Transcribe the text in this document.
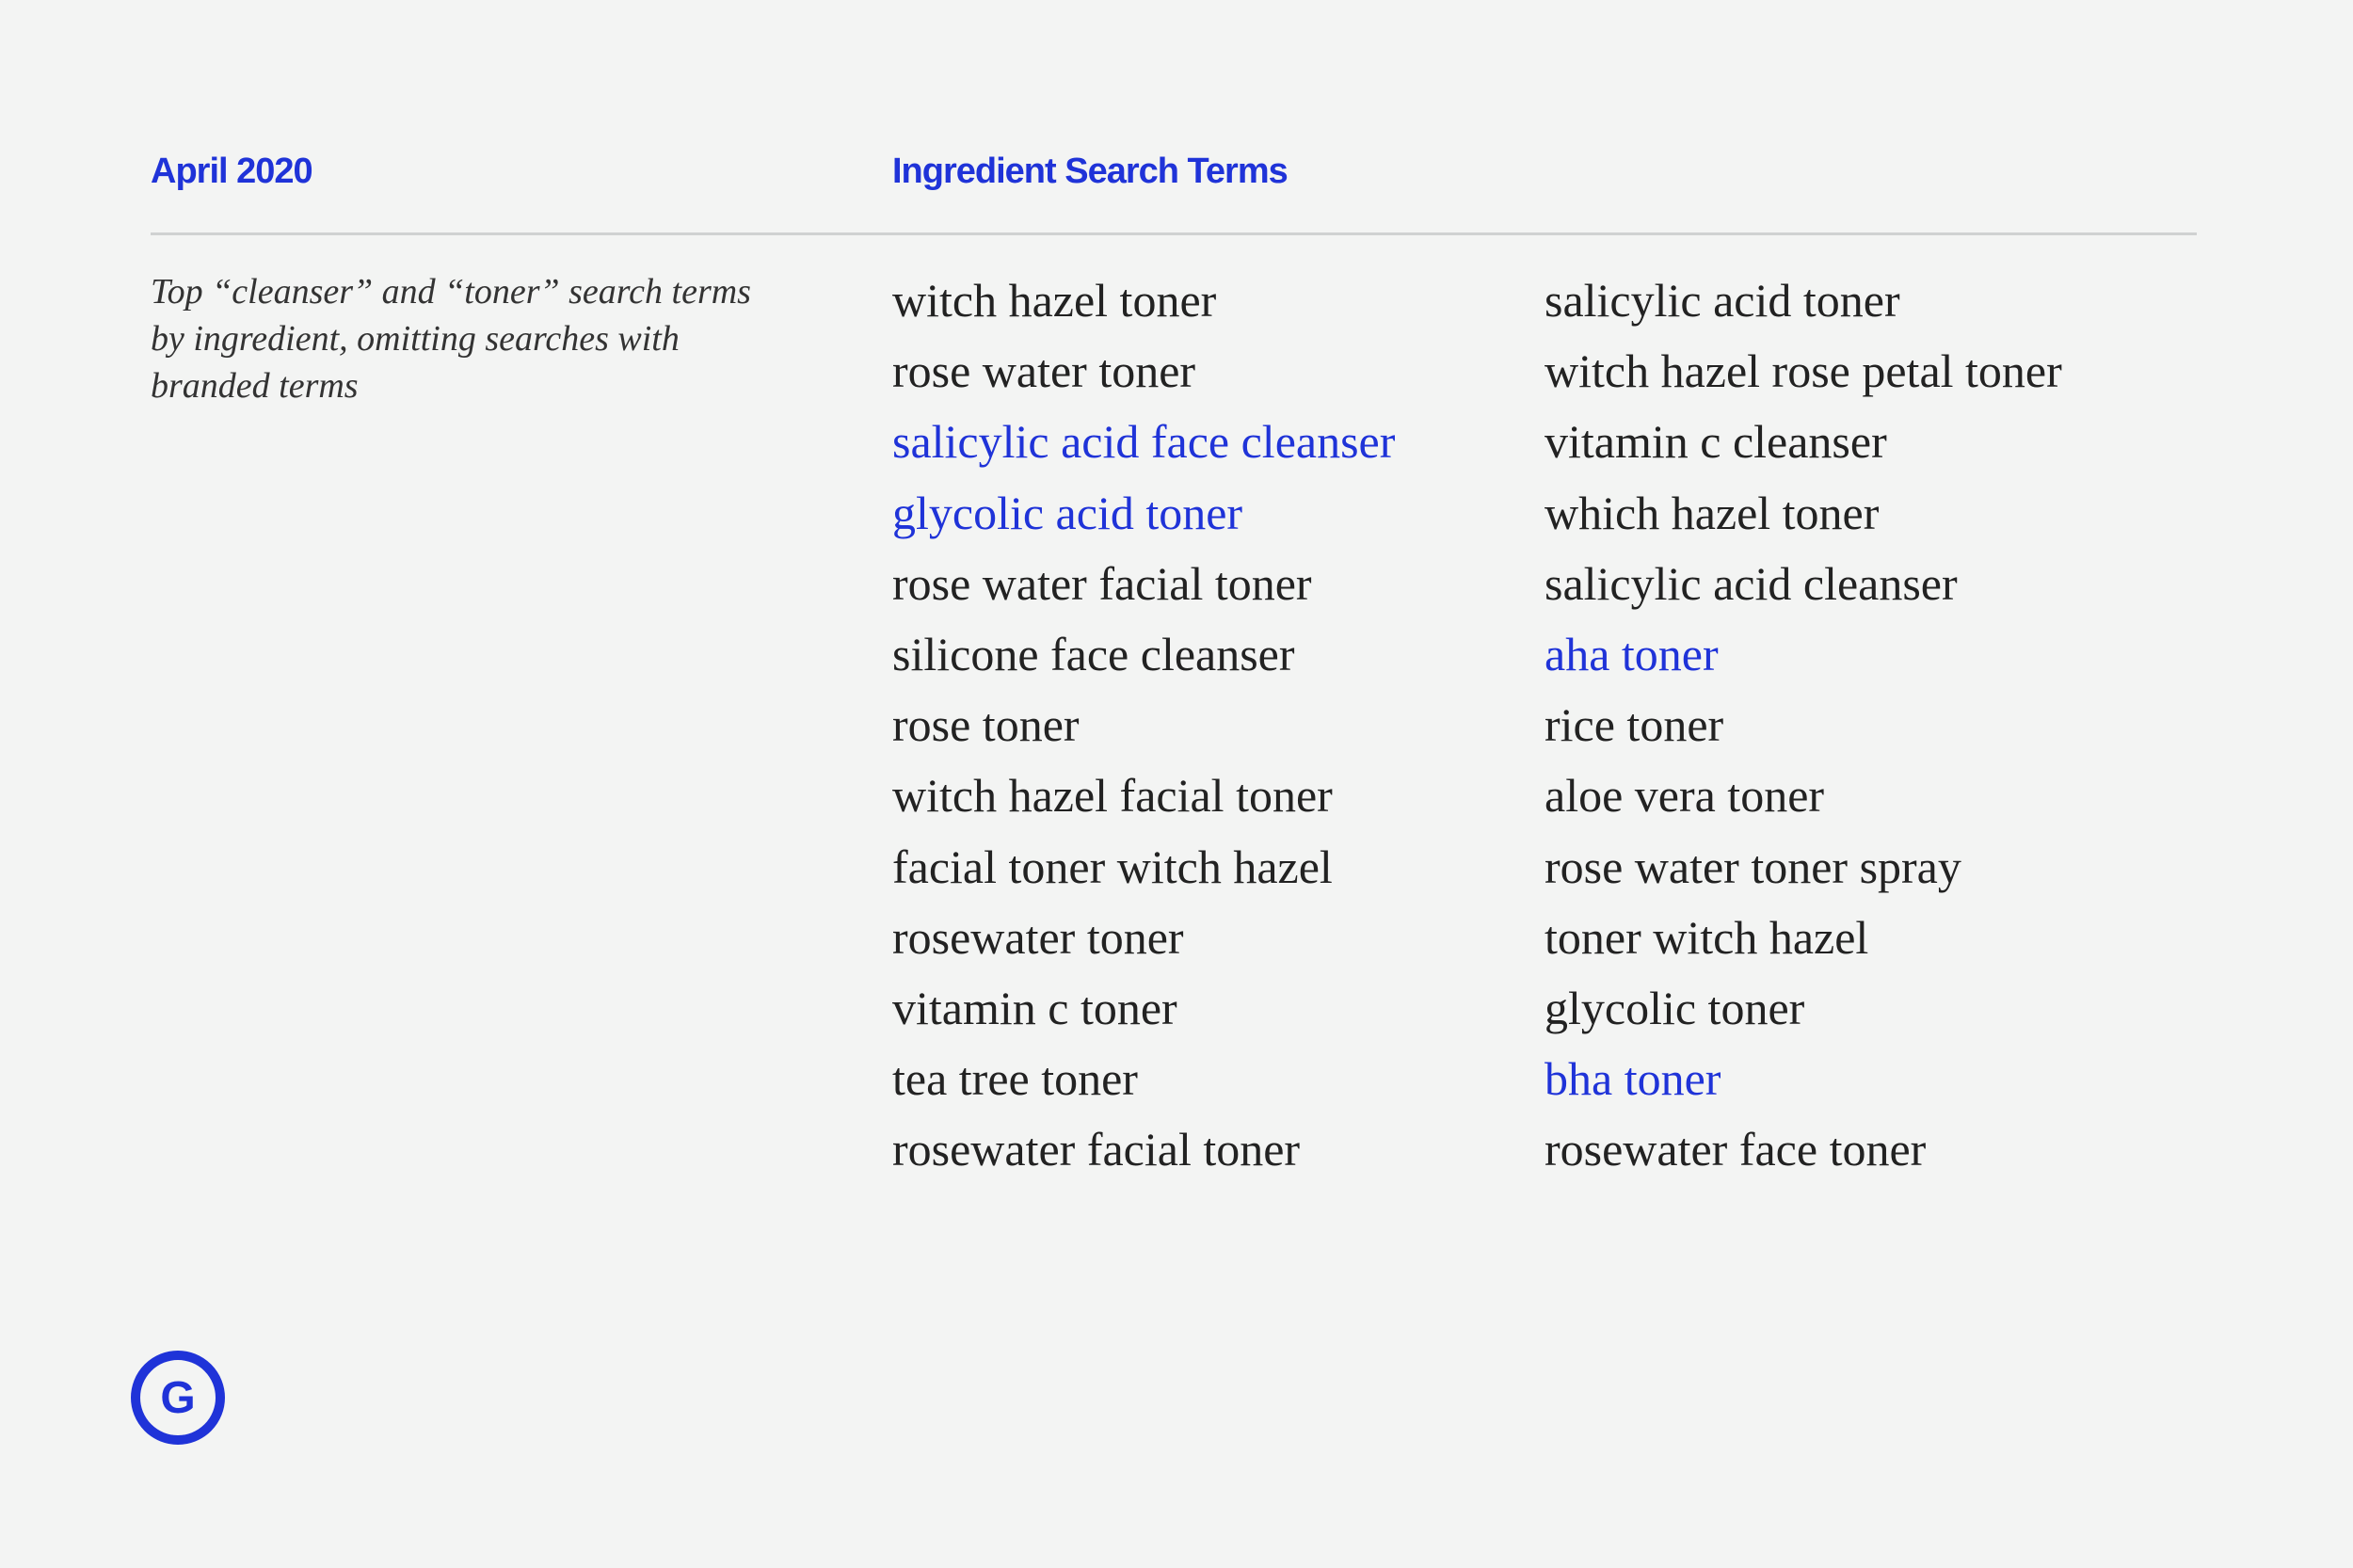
April 2020	Ingredient Search Terms
Top “cleanser” and “toner” search terms by ingredient, omitting searches with branded terms
witch hazel toner
rose water toner
salicylic acid face cleanser
glycolic acid toner
rose water facial toner
silicone face cleanser
rose toner
witch hazel facial toner
facial toner witch hazel
rosewater toner
vitamin c toner
tea tree toner
rosewater facial toner
salicylic acid toner
witch hazel rose petal toner
vitamin c cleanser
which hazel toner
salicylic acid cleanser
aha toner
rice toner
aloe vera toner
rose water toner spray
toner witch hazel
glycolic toner
bha toner
rosewater face toner
G
